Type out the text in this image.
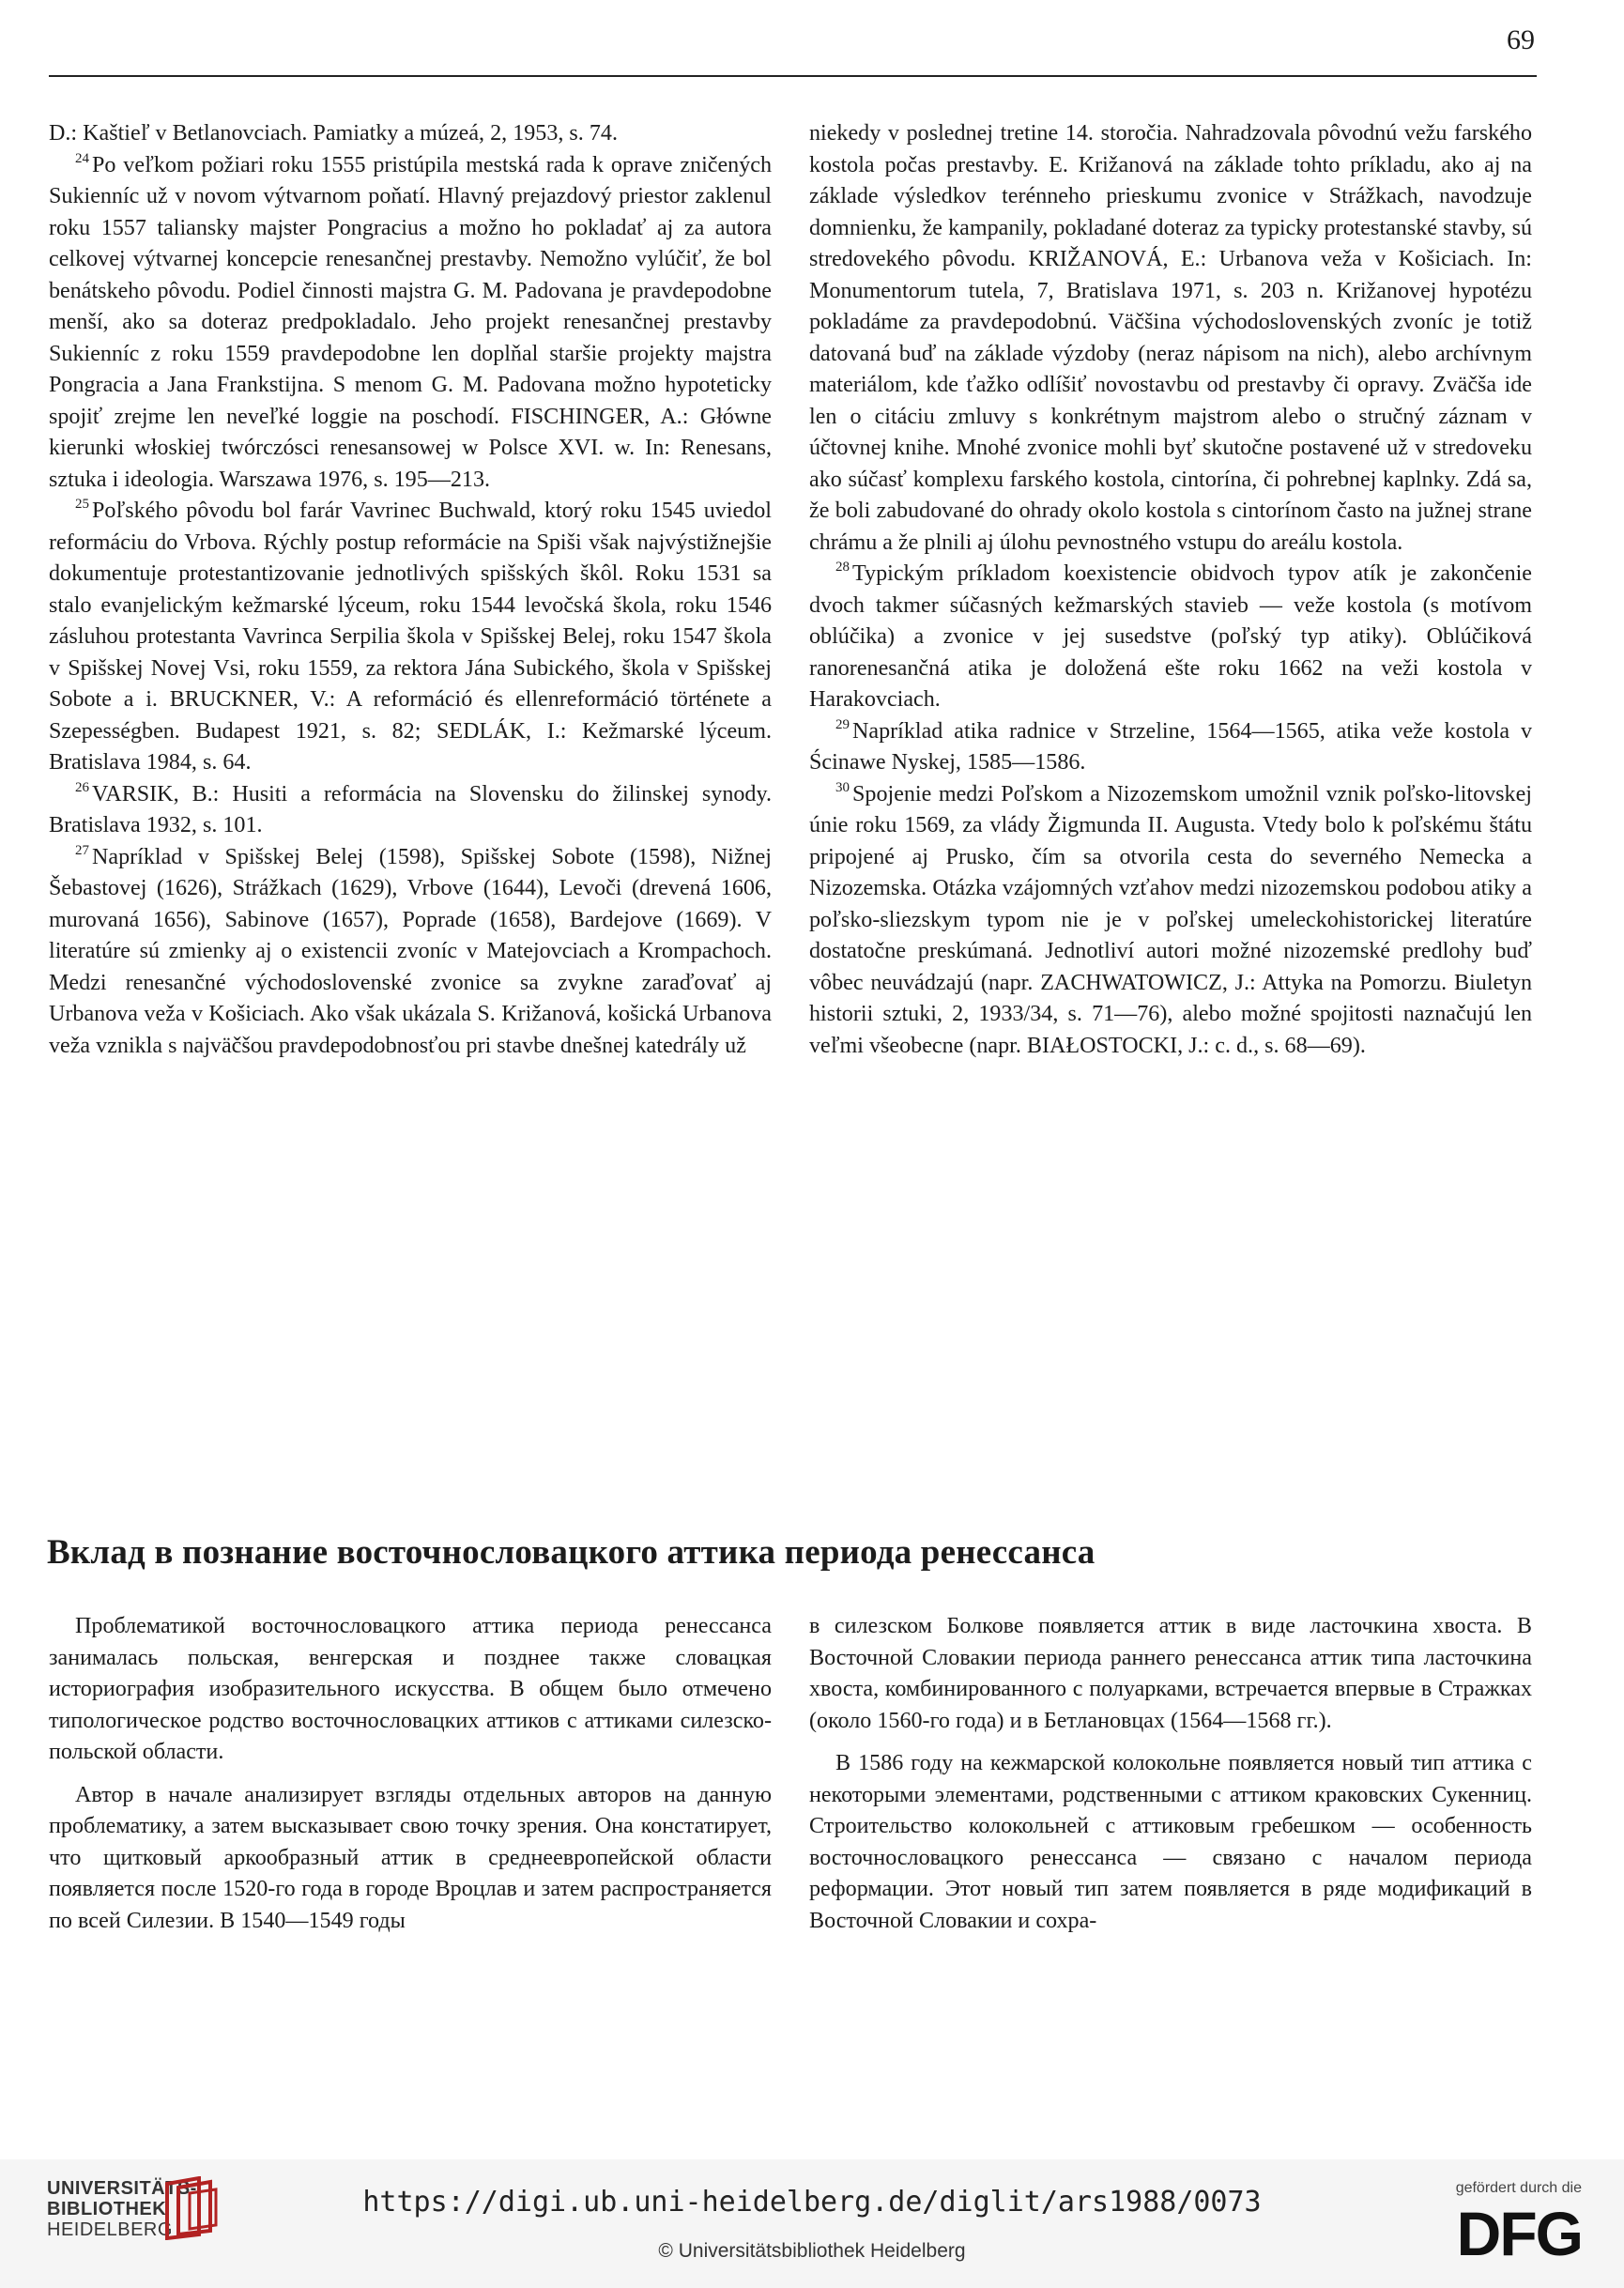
69

D.: Kaštieľ v Betlanovciach. Pamiatky a múzeá, 2, 1953, s. 74.

$^{24}$ Po veľkom požiari roku 1555 pristúpila mestská rada k oprave zničených Sukienníc už v novom výtvarnom poňatí. Hlavný prejazdový priestor zaklenul roku 1557 taliansky majster Pongracius a možno ho pokladať aj za autora celkovej výtvarnej koncepcie renesančnej prestavby. Nemožno vylúčiť, že bol benátskeho pôvodu. Podiel činnosti majstra G. M. Padovana je pravdepodobne menší, ako sa doteraz predpokladalo. Jeho projekt renesančnej prestavby Sukienníc z roku 1559 pravdepodobne len doplňal staršie projekty majstra Pongracia a Jana Frankstijna. S menom G. M. Padovana možno hypoteticky spojiť zrejme len neveľké loggie na poschodí. FISCHINGER, A.: Główne kierunki włoskiej twórczósci renesansowej w Polsce XVI. w. In: Renesans, sztuka i ideologia. Warszawa 1976, s. 195—213.

$^{25}$ Poľského pôvodu bol farár Vavrinec Buchwald, ktorý roku 1545 uviedol reformáciu do Vrbova. Rýchly postup reformácie na Spiši však najvýstižnejšie dokumentuje protestantizovanie jednotlivých spišských škôl. Roku 1531 sa stalo evanjelickým kežmarské lýceum, roku 1544 levočská škola, roku 1546 zásluhou protestanta Vavrinca Serpilia škola v Spišskej Belej, roku 1547 škola v Spišskej Novej Vsi, roku 1559, za rektora Jána Subického, škola v Spišskej Sobote a i. BRUCKNER, V.: A reformáció és ellenreformáció története a Szepességben. Budapest 1921, s. 82; SEDLÁK, I.: Kežmarské lýceum. Bratislava 1984, s. 64.

$^{26}$ VARSIK, B.: Husiti a reformácia na Slovensku do žilinskej synody. Bratislava 1932, s. 101.

$^{27}$ Napríklad v Spišskej Belej (1598), Spišskej Sobote (1598), Nižnej Šebastovej (1626), Strážkach (1629), Vrbove (1644), Levoči (drevená 1606, murovaná 1656), Sabinove (1657), Poprade (1658), Bardejove (1669). V literatúre sú zmienky aj o existencii zvoníc v Matejovciach a Krompachoch. Medzi renesančné východoslovenské zvonice sa zvykne zaraďovať aj Urbanova veža v Košiciach. Ako však ukázala S. Križanová, košická Urbanova veža vznikla s najväčšou pravdepodobnosťou pri stavbe dnešnej katedrály už

niekedy v poslednej tretine 14. storočia. Nahradzovala pôvodnú vežu farského kostola počas prestavby. E. Križanová na základe tohto príkladu, ako aj na základe výsledkov terénneho prieskumu zvonice v Strážkach, navodzuje domnienku, že kampanily, pokladané doteraz za typicky protestanské stavby, sú stredovekého pôvodu. KRIŽANOVÁ, E.: Urbanova veža v Košiciach. In: Monumentorum tutela, 7, Bratislava 1971, s. 203 n. Križanovej hypotézu pokladáme za pravdepodobnú. Väčšina východoslovenských zvoníc je totiž datovaná buď na základe výzdoby (neraz nápisom na nich), alebo archívnym materiálom, kde ťažko odlíšiť novostavbu od prestavby či opravy. Zväčša ide len o citáciu zmluvy s konkrétnym majstrom alebo o stručný záznam v účtovnej knihe. Mnohé zvonice mohli byť skutočne postavené už v stredoveku ako súčasť komplexu farského kostola, cintorína, či pohrebnej kaplnky. Zdá sa, že boli zabudované do ohrady okolo kostola s cintorínom často na južnej strane chrámu a že plnili aj úlohu pevnostného vstupu do areálu kostola.

$^{28}$ Typickým príkladom koexistencie obidvoch typov atík je zakončenie dvoch takmer súčasných kežmarských stavieb — veže kostola (s motívom oblúčika) a zvonice v jej susedstve (poľský typ atiky). Oblúčiková ranorenesančná atika je doložená ešte roku 1662 na veži kostola v Harakovciach.

$^{29}$ Napríklad atika radnice v Strzeline, 1564—1565, atika veže kostola v Ścinawe Nyskej, 1585—1586.

$^{30}$ Spojenie medzi Poľskom a Nizozemskom umožnil vznik poľsko-litovskej únie roku 1569, za vlády Žigmunda II. Augusta. Vtedy bolo k poľskému štátu pripojené aj Prusko, čím sa otvorila cesta do severného Nemecka a Nizozemska. Otázka vzájomných vzťahov medzi nizozemskou podobou atiky a poľsko-sliezskym typom nie je v poľskej umeleckohistorickej literatúre dostatočne preskúmaná. Jednotliví autori možné nizozemské predlohy buď vôbec neuvádzajú (napr. ZACHWATOWICZ, J.: Attyka na Pomorzu. Biuletyn historii sztuki, 2, 1933/34, s. 71—76), alebo možné spojitosti naznačujú len veľmi všeobecne (napr. BIAŁOSTOCKI, J.: c. d., s. 68—69).

Вклад в познание восточнословацкого аттика периода ренессанса

Проблематикой восточнословацкого аттика периода ренессанса занималась польская, венгерская и позднее также словацкая историография изобразительного искусства. В общем было отмечено типологическое родство восточнословацких аттиков с аттиками силезско-польской области.

Автор в начале анализирует взгляды отдельных авторов на данную проблематику, а затем высказывает свою точку зрения. Она констатирует, что щитковый аркообразный аттик в среднеевропейской области появляется после 1520-го года в городе Вроцлав и затем распространяется по всей Силезии. В 1540—1549 годы

в силезском Болкове появляется аттик в виде ласточкина хвоста. В Восточной Словакии периода раннего ренессанса аттик типа ласточкина хвоста, комбинированного с полуарками, встречается впервые в Стражках (около 1560-го года) и в Бетлановцах (1564—1568 гг.).

В 1586 году на кежмарской колокольне появляется новый тип аттика с некоторыми элементами, родственными с аттиком краковских Сукенниц. Строительство колокольней с аттиковым гребешком — особенность восточнословацкого ренессанса — связано с началом периода реформации. Этот новый тип затем появляется в ряде модификаций в Восточной Словакии и сохра-

UNIVERSITÄTS-
BIBLIOTHEK
HEIDELBERG
https://digi.ub.uni-heidelberg.de/diglit/ars1988/0073
© Universitätsbibliothek Heidelberg
gefördert durch die
DFG
